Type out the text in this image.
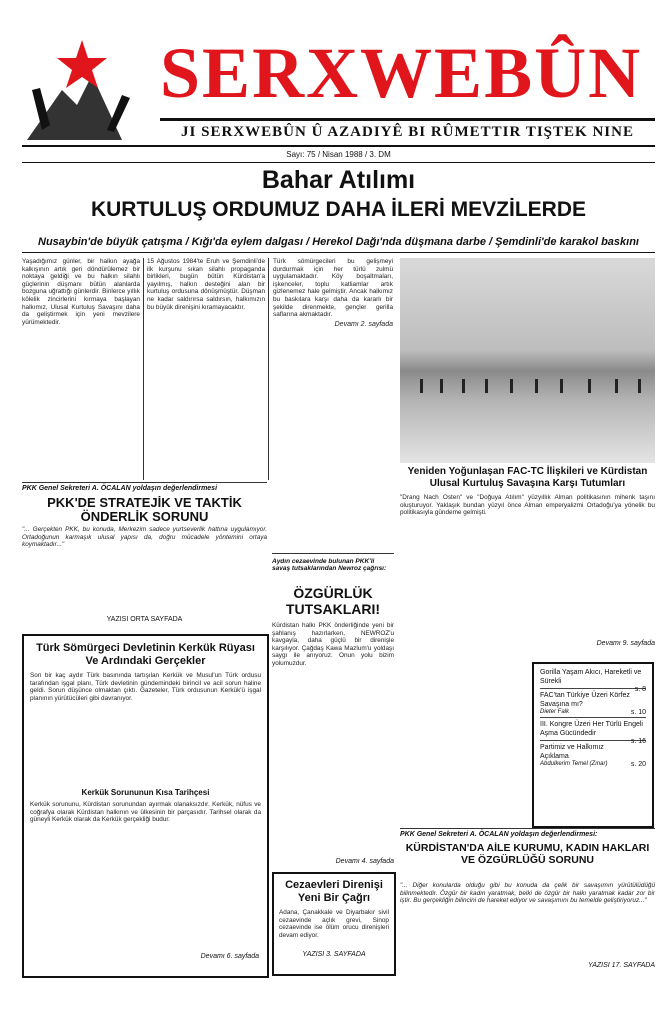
SERXWEBÛN
JI SERXWEBÛN Û AZADIYÊ BI RÛMETTIR TIŞTEK NINE
Sayı: 75 / Nisan 1988 / 3. DM
Bahar Atılımı
KURTULUŞ ORDUMUZ DAHA İLERİ MEVZİLERDE
Nusaybin'de büyük çatışma / Kığı'da eylem dalgası / Herekol Dağı'nda düşmana darbe / Şemdinli'de karakol baskını

Yaşadığımız günler, bir halkın ayağa kalkışının artık geri döndürülemez bir noktaya geldiği ve bu halkın silahlı güçlerinin düşmanı bütün alanlarda bozguna uğrattığı günlerdir. Binlerce yıllık kölelik zincirlerini kırmaya başlayan halkımız, Ulusal Kurtuluş Savaşını daha da geliştirmek için yeni mevzilere yürümektedir.

15 Ağustos 1984'te Eruh ve Şemdinli'de ilk kurşunu sıkan silahlı propaganda birlikleri, bugün bütün Kürdistan'a yayılmış, halkın desteğini alan bir kurtuluş ordusuna dönüşmüştür. Düşman ne kadar saldırırsa saldırsın, halkımızın bu büyük direnişini kıramayacaktır.

Türk sömürgecileri bu gelişmeyi durdurmak için her türlü zulmü uygulamaktadır. Köy boşaltmaları, işkenceler, toplu katliamlar artık gizlenemez hale gelmiştir. Ancak halkımız bu baskılara karşı daha da kararlı bir şekilde direnmekte, gençler gerilla saflarına akmaktadır.

Devamı 2. sayfada
PKK Genel Sekreteri A. ÖCALAN yoldaşın değerlendirmesi
PKK'DE STRATEJİK VE TAKTİK ÖNDERLİK SORUNU

"... Gerçekten PKK, bu konuda, Merkezim sadece yurtseverlik hattına uygulamıyor. Ortadoğunun karmaşık ulusal yapısı da, doğru mücadele yöntemini ortaya koymaktadır..."

YAZISI ORTA SAYFADA
Türk Sömürgeci Devletinin Kerkük Rüyası Ve Ardındaki Gerçekler

Son bir kaç aydır Türk basınında tartışılan Kerkük ve Musul'un Türk ordusu tarafından işgal planı, Türk devletinin gündemindeki birincil ve acil sorun haline geldi. Sorun düşünce olmaktan çıktı. Gazeteler, Türk ordusunun Kerkük'ü işgal planının yürütücüleri gibi davranıyor.

Kerkük Sorununun Kısa Tarihçesi

Kerkük sorununu, Kürdistan sorunundan ayırmak olanaksızdır. Kerkük, nüfus ve coğrafya olarak Kürdistan halkının ve ülkesinin bir parçasıdır. Tarihsel olarak da güneyli Kerkük olarak da Kerkük gerçekliği budur.

Devamı 6. sayfada
Aydın cezaevinde bulunan PKK'li savaş tutsaklarından Newroz çağrısı:
ÖZGÜRLÜK TUTSAKLARI!

Kürdistan halkı PKK önderliğinde yeni bir şahlanış hazırlarken, NEWROZ'u kavgayla, daha güçlü bir direnişle karşılıyor. Çağdaş Kawa Mazlum'u yoldaşı saygı ile anıyoruz. Onun yolu bizim yolumuzdur.

Devamı 4. sayfada
Cezaevleri Direnişi Yeni Bir Çağrı

Adana, Çanakkale ve Diyarbakır sivil cezaevinde açlık grevi, Sinop cezaevinde ise ölüm orucu direnişleri devam ediyor.

YAZISI 3. SAYFADA
Yeniden Yoğunlaşan FAC-TC İlişkileri ve Kürdistan Ulusal Kurtuluş Savaşına Karşı Tutumları

"Drang Nach Osten" ve "Doğuya Atılım" yüzyıllık Alman politikasının mihenk taşını oluşturuyor. Yaklaşık bundan yüzyıl önce Alman emperyalizmi Ortadoğu'ya yönelik bu politikasıyla gündeme gelmişti.

Devamı 9. sayfada
Gorilla Yaşam Akıcı, Hareketli ve Sürekli
s. 8
FAC'tan Türkiye Üzeri Körfez Savaşına mı?
s. 10
Dieter Falk
III. Kongre Üzeri Her Türlü Engeli Aşma Gücündedir
s. 16
Partimiz ve Halkımız Açıklama
s. 20
Abdulkerim Temel (Zınar)
PKK Genel Sekreteri A. ÖCALAN yoldaşın değerlendirmesi:
KÜRDİSTAN'DA AİLE KURUMU, KADIN HAKLARI VE ÖZGÜRLÜĞÜ SORUNU

"... Diğer konularda olduğu gibi bu konuda da çelik bir savaşımın yürütülüdüğü bilinmektedir. Özgür bir kadın yaratmak, belki de özgür bir halkı yaratmak kadar zor bir iştir. Bu gerçekliğin bilincini de hareket ediyor ve savaşımını bu temelde geliştiriyoruz..."

YAZISI 17. SAYFADA
